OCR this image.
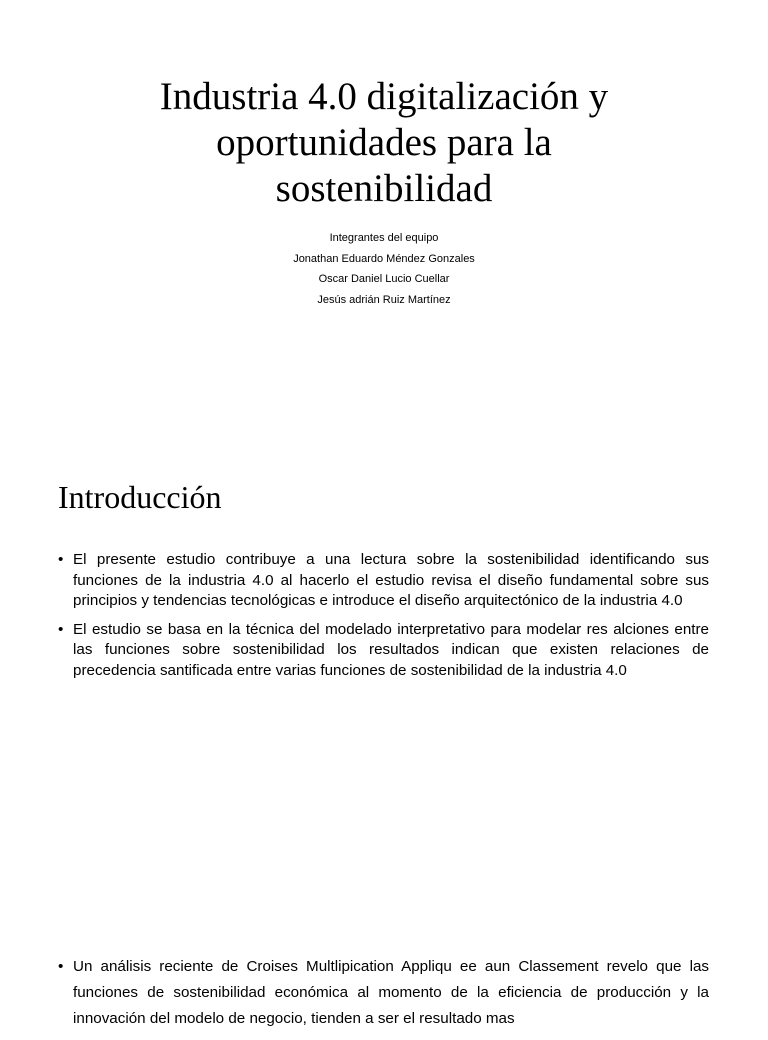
Industria 4.0 digitalización y
oportunidades para la
sostenibilidad
Integrantes del equipo
Jonathan Eduardo Méndez Gonzales
Oscar Daniel Lucio Cuellar
Jesús adrián Ruiz Martínez
Introducción
• El presente estudio contribuye a una lectura sobre la sostenibilidad identificando sus funciones de la industria 4.0 al hacerlo el estudio revisa el diseño fundamental sobre sus principios y tendencias tecnológicas e introduce el diseño arquitectónico de la industria 4.0
• El estudio se basa en la técnica del modelado interpretativo para modelar res alciones entre las funciones sobre sostenibilidad los resultados indican que existen relaciones de precedencia santificada entre varias funciones de sostenibilidad de la industria 4.0
• Un análisis reciente de Croises Multlipication Appliqu ee aun Classement revelo que las funciones de sostenibilidad económica al momento de la eficiencia de producción y la innovación del modelo de negocio, tienden a ser el resultado mas
